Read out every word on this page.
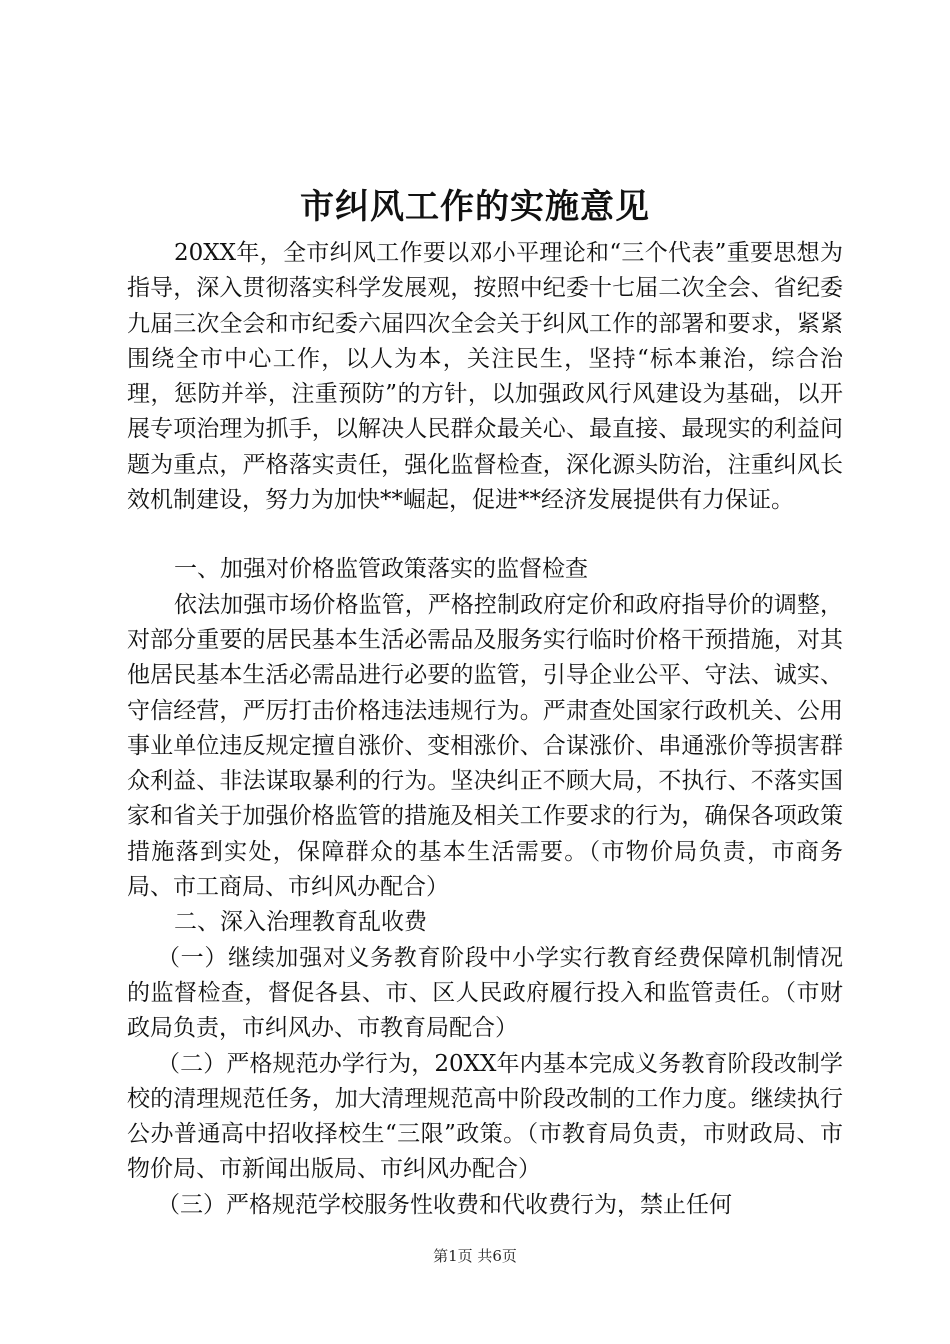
市纠风工作的实施意见

20XX年，全市纠风工作要以邓小平理论和“三个代表”重要思想为指导，深入贯彻落实科学发展观，按照中纪委十七届二次全会、省纪委九届三次全会和市纪委六届四次全会关于纠风工作的部署和要求，紧紧围绕全市中心工作，以人为本，关注民生，坚持“标本兼治，综合治理，惩防并举，注重预防”的方针，以加强政风行风建设为基础，以开展专项治理为抓手，以解决人民群众最关心、最直接、最现实的利益问题为重点，严格落实责任，强化监督检查，深化源头防治，注重纠风长效机制建设，努力为加快**崛起，促进**经济发展提供有力保证。

一、加强对价格监管政策落实的监督检查

依法加强市场价格监管，严格控制政府定价和政府指导价的调整，对部分重要的居民基本生活必需品及服务实行临时价格干预措施，对其他居民基本生活必需品进行必要的监管，引导企业公平、守法、诚实、守信经营，严厉打击价格违法违规行为。严肃查处国家行政机关、公用事业单位违反规定擅自涨价、变相涨价、合谋涨价、串通涨价等损害群众利益、非法谋取暴利的行为。坚决纠正不顾大局，不执行、不落实国家和省关于加强价格监管的措施及相关工作要求的行为，确保各项政策措施落到实处，保障群众的基本生活需要。（市物价局负责，市商务局、市工商局、市纠风办配合）

二、深入治理教育乱收费

（一）继续加强对义务教育阶段中小学实行教育经费保障机制情况的监督检查，督促各县、市、区人民政府履行投入和监管责任。（市财政局负责，市纠风办、市教育局配合）

（二）严格规范办学行为，20XX年内基本完成义务教育阶段改制学校的清理规范任务，加大清理规范高中阶段改制的工作力度。继续执行公办普通高中招收择校生“三限”政策。（市教育局负责，市财政局、市物价局、市新闻出版局、市纠风办配合）

（三）严格规范学校服务性收费和代收费行为，禁止任何

第1页 共6页
